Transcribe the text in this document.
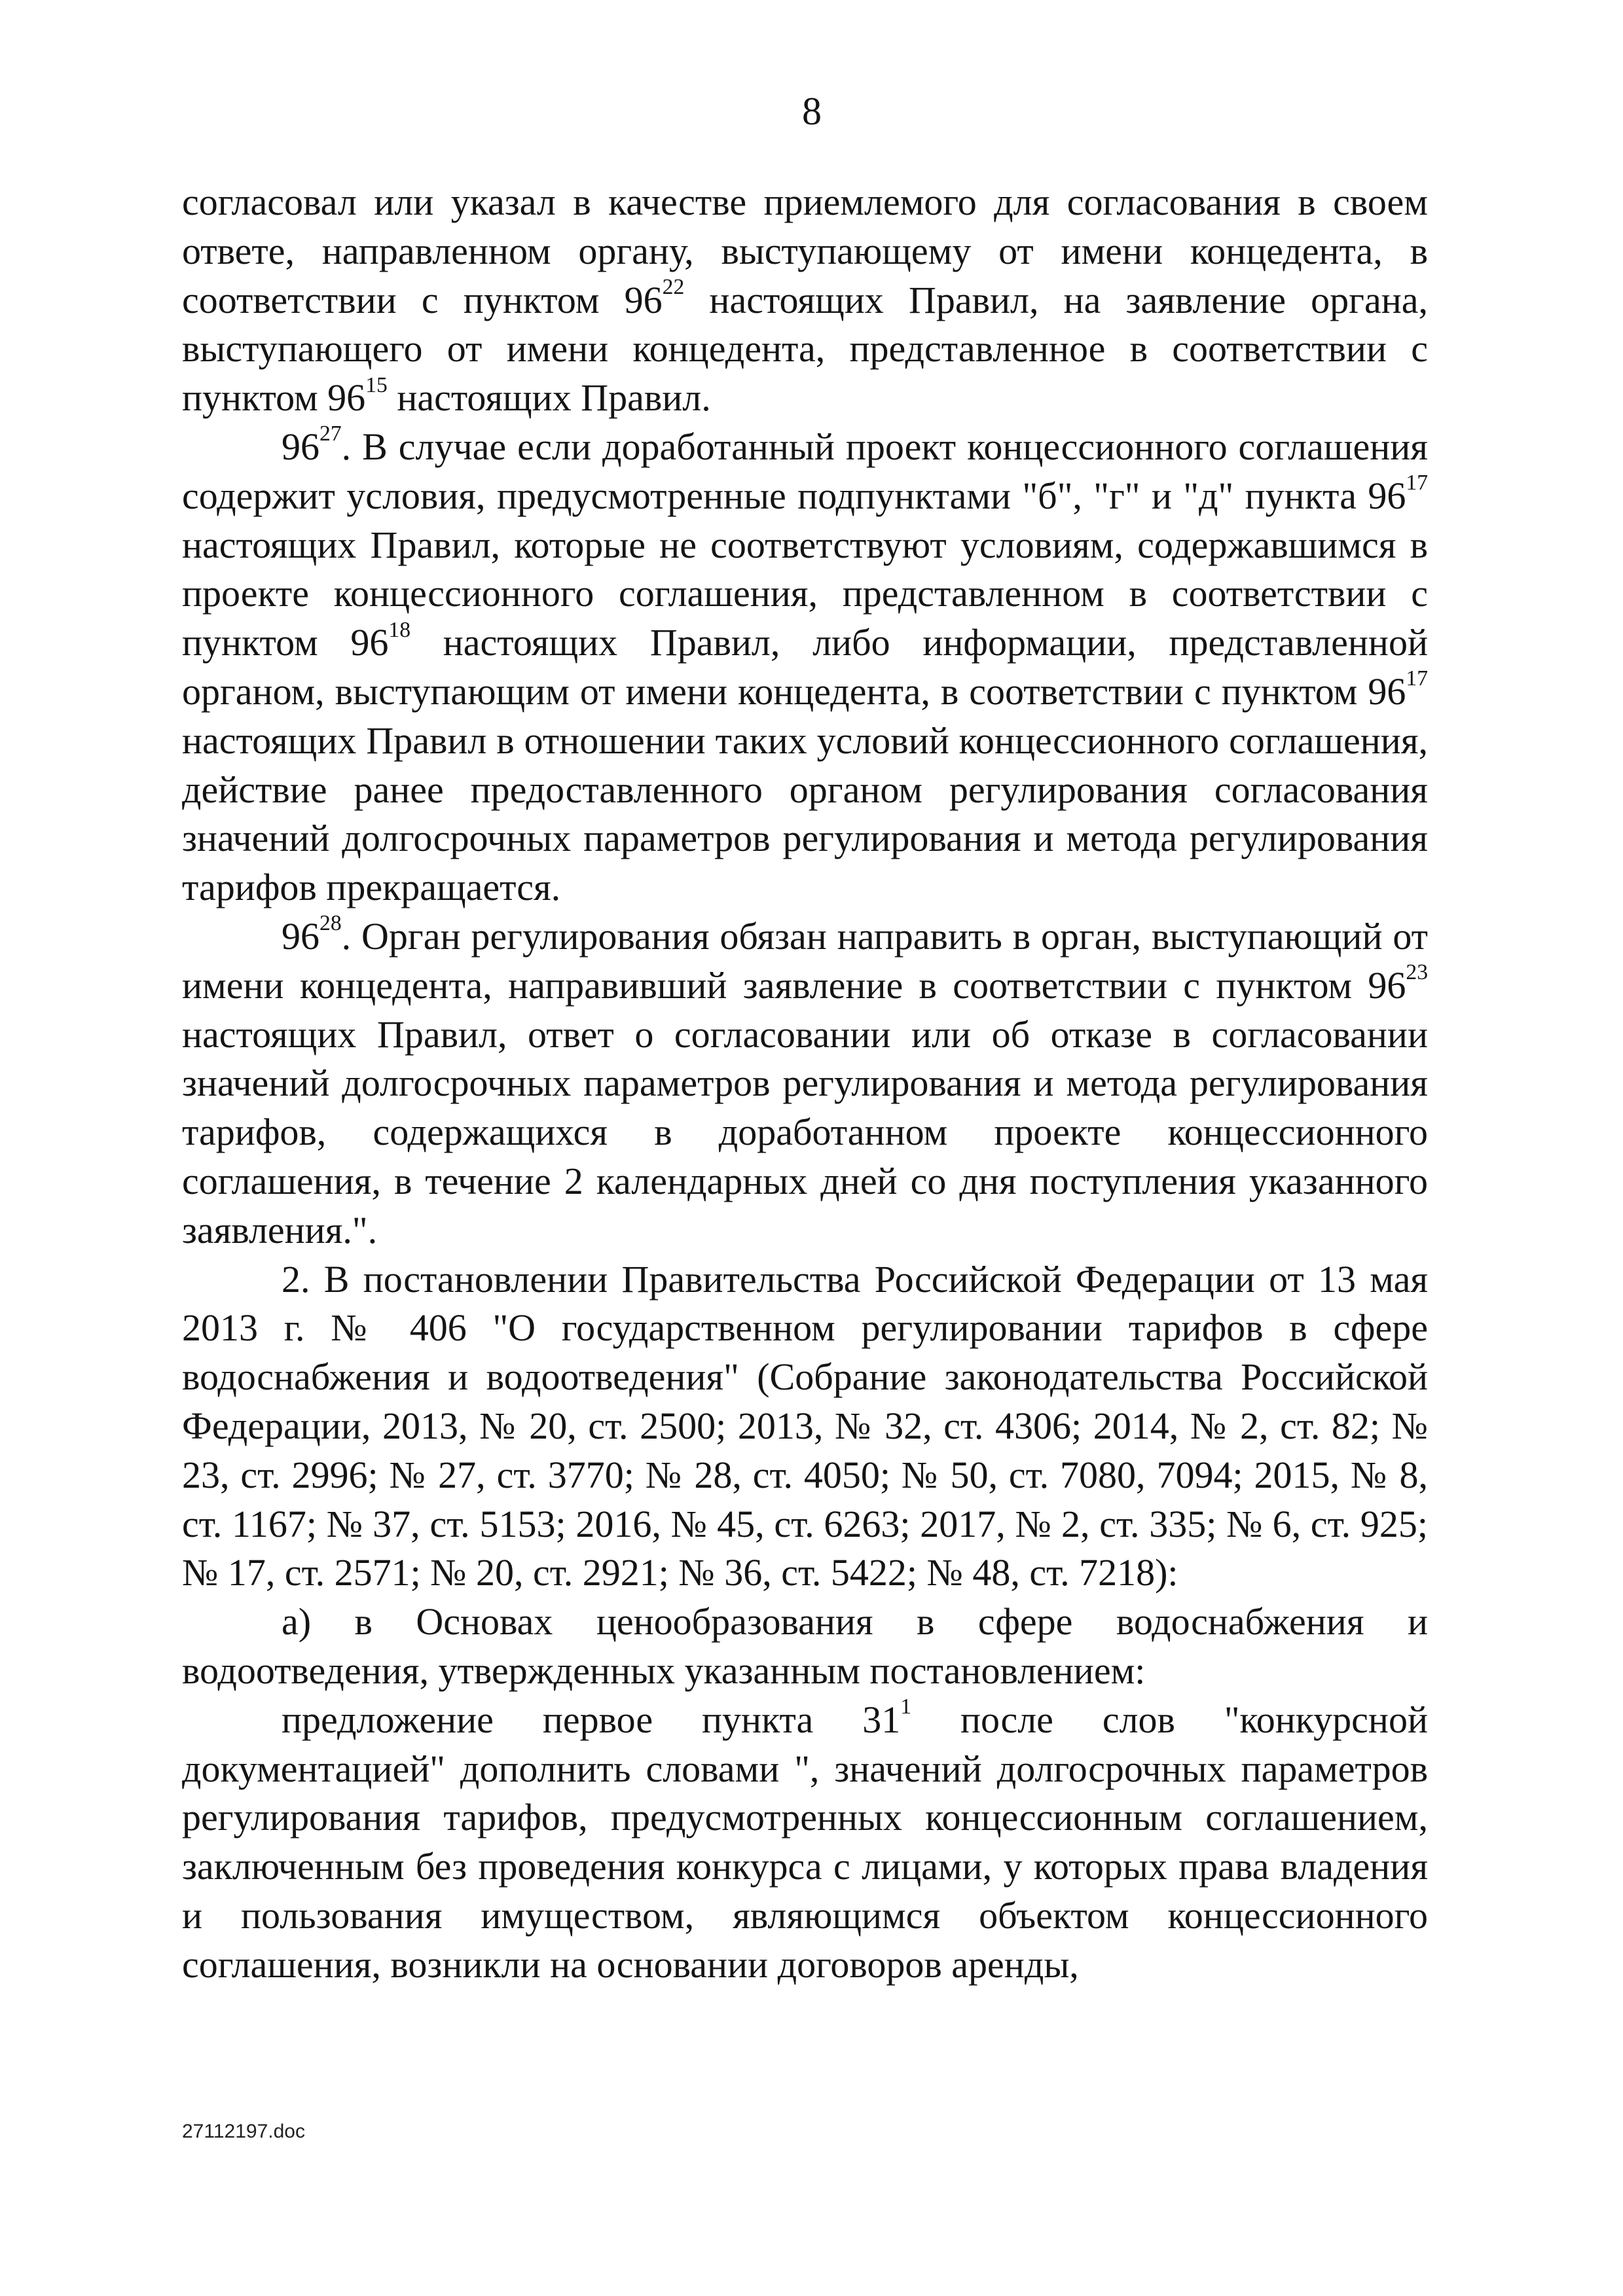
8

согласовал или указал в качестве приемлемого для согласования в своем ответе, направленном органу, выступающему от имени концедента, в соответствии с пунктом $96^{22}$ настоящих Правил, на заявление органа, выступающего от имени концедента, представленное в соответствии с пунктом $96^{15}$ настоящих Правил.

$96^{27}$. В случае если доработанный проект концессионного соглашения содержит условия, предусмотренные подпунктами "б", "г" и "д" пункта $96^{17}$ настоящих Правил, которые не соответствуют условиям, содержавшимся в проекте концессионного соглашения, представленном в соответствии с пунктом $96^{18}$ настоящих Правил, либо информации, представленной органом, выступающим от имени концедента, в соответствии с пунктом $96^{17}$ настоящих Правил в отношении таких условий концессионного соглашения, действие ранее предоставленного органом регулирования согласования значений долгосрочных параметров регулирования и метода регулирования тарифов прекращается.

$96^{28}$. Орган регулирования обязан направить в орган, выступающий от имени концедента, направивший заявление в соответствии с пунктом $96^{23}$ настоящих Правил, ответ о согласовании или об отказе в согласовании значений долгосрочных параметров регулирования и метода регулирования тарифов, содержащихся в доработанном проекте концессионного соглашения, в течение 2 календарных дней со дня поступления указанного заявления.".

2. В постановлении Правительства Российской Федерации от 13 мая 2013 г. № 406 "О государственном регулировании тарифов в сфере водоснабжения и водоотведения" (Собрание законодательства Российской Федерации, 2013, № 20, ст. 2500; 2013, № 32, ст. 4306; 2014, № 2, ст. 82; № 23, ст. 2996; № 27, ст. 3770; № 28, ст. 4050; № 50, ст. 7080, 7094; 2015, № 8, ст. 1167; № 37, ст. 5153; 2016, № 45, ст. 6263; 2017, № 2, ст. 335; № 6, ст. 925; № 17, ст. 2571; № 20, ст. 2921; № 36, ст. 5422; № 48, ст. 7218):

а) в Основах ценообразования в сфере водоснабжения и водоотведения, утвержденных указанным постановлением:

предложение первое пункта $31^1$ после слов "конкурсной документацией" дополнить словами ", значений долгосрочных параметров регулирования тарифов, предусмотренных концессионным соглашением, заключенным без проведения конкурса с лицами, у которых права владения и пользования имуществом, являющимся объектом концессионного соглашения, возникли на основании договоров аренды,

27112197.doc
